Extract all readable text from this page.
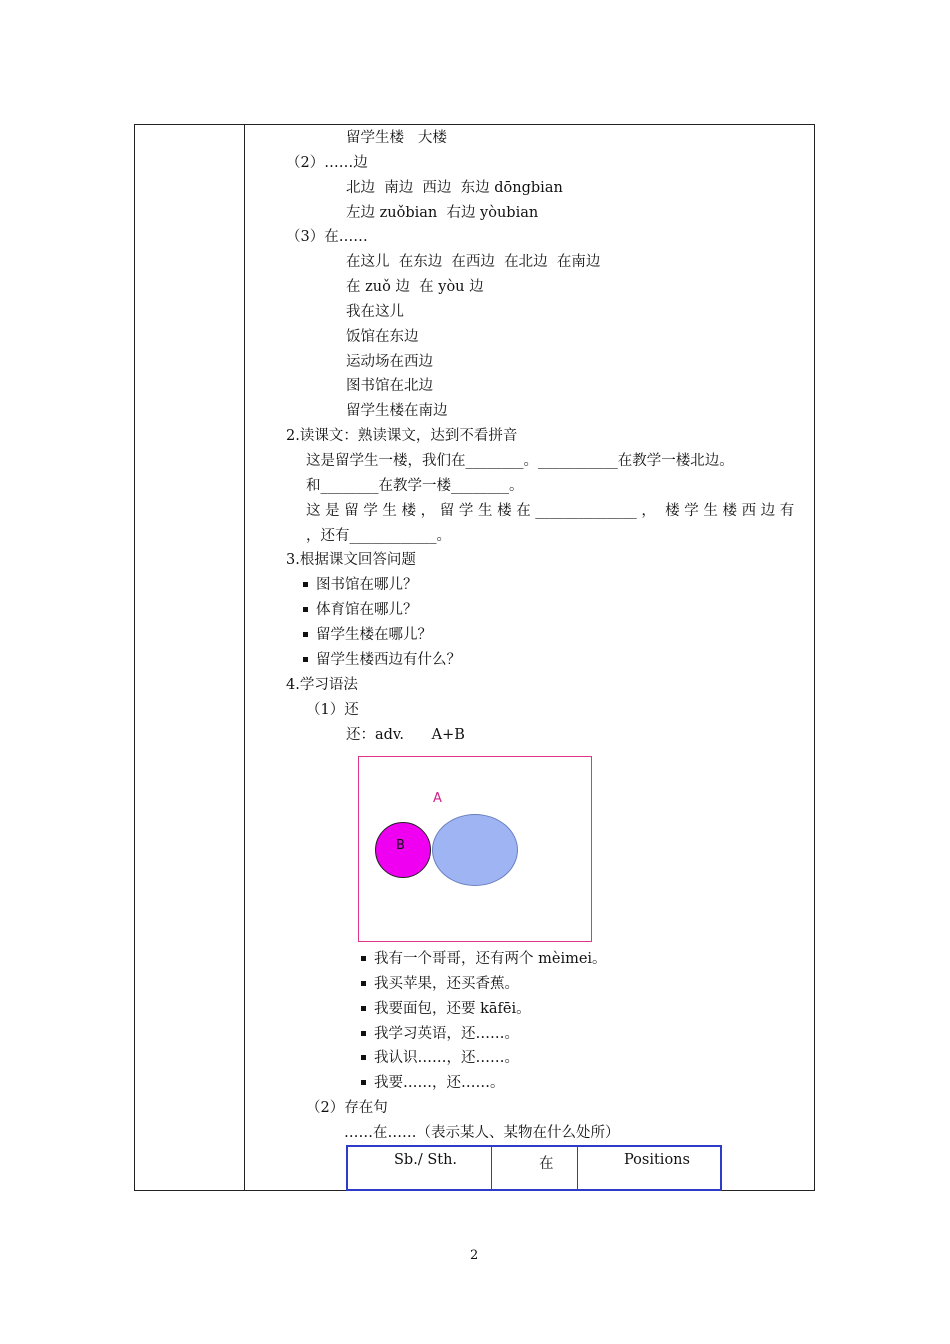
留学生楼   大楼
（2）……边
北边  南边  西边  东边 dōngbian
左边 zuǒbian  右边 yòubian
（3）在……
在这儿  在东边  在西边  在北边  在南边
在 zuǒ 边  在 yòu 边
我在这儿
饭馆在东边
运动场在西边
图书馆在北边
留学生楼在南边
2.读课文：熟读课文，达到不看拼音
这是留学生一楼，我们在________。___________在教学一楼北边。
和________在教学一楼________。
这 是 留 学 生 楼 ， 留 学 生 楼 在 ______________ ，  楼 学 生 楼 西 边 有
，还有____________。
3.根据课文回答问题
图书馆在哪儿？
体育馆在哪儿？
留学生楼在哪儿？
留学生楼西边有什么？
4.学习语法
（1）还
还：adv.      A+B
A
B
我有一个哥哥，还有两个 mèimei。
我买苹果，还买香蕉。
我要面包，还要 kāfēi。
我学习英语，还……。
我认识……，还……。
我要……，还……。
（2）存在句
……在……（表示某人、某物在什么处所）
Sb./ Sth.	在	Positions
2
